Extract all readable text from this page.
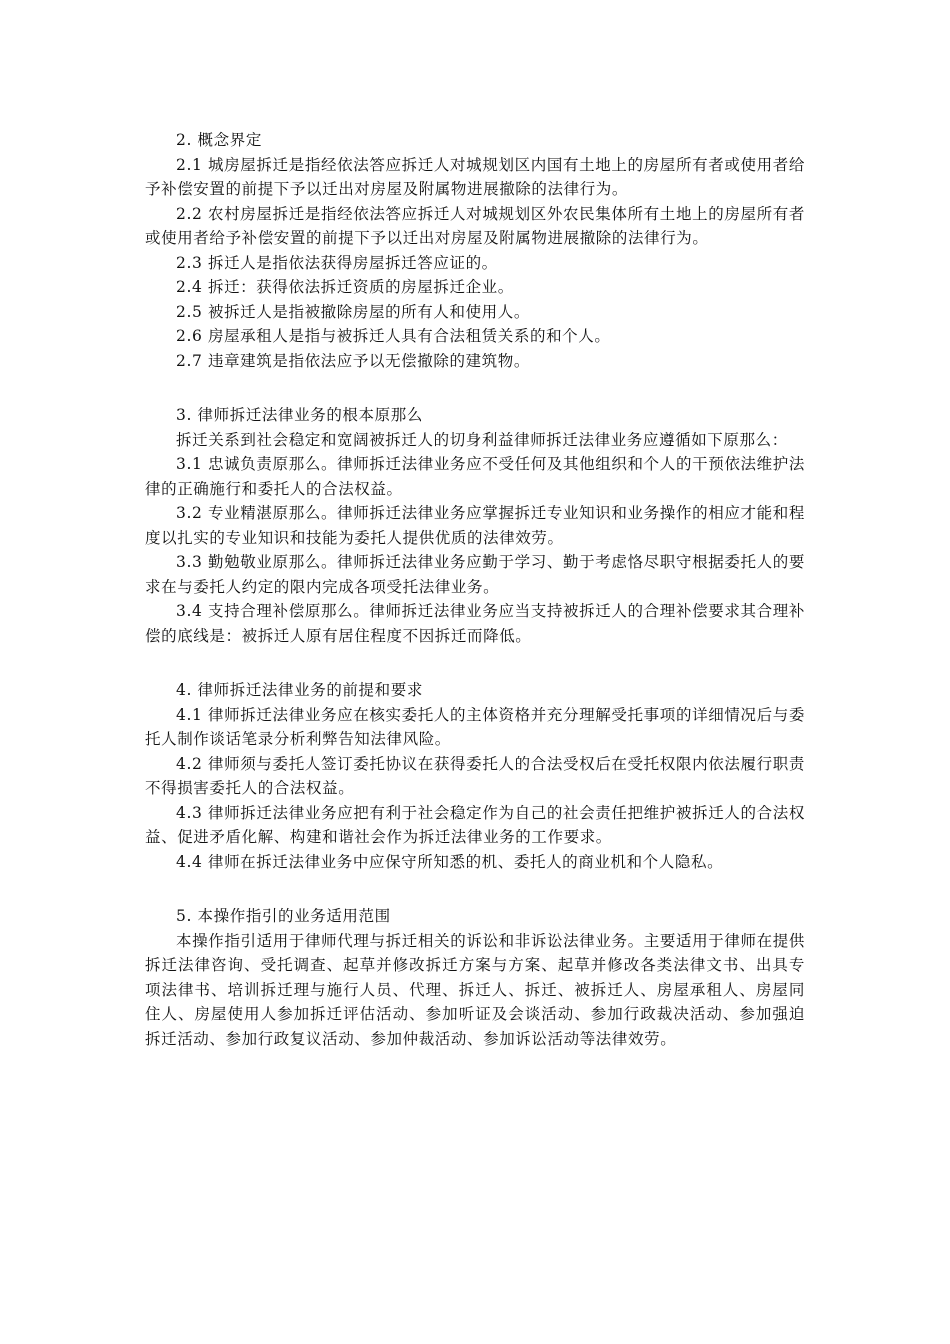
2. 概念界定

2.1 城房屋拆迁是指经依法答应拆迁人对城规划区内国有土地上的房屋所有者或使用者给予补偿安置的前提下予以迁出对房屋及附属物进展撤除的法律行为。

2.2 农村房屋拆迁是指经依法答应拆迁人对城规划区外农民集体所有土地上的房屋所有者或使用者给予补偿安置的前提下予以迁出对房屋及附属物进展撤除的法律行为。

2.3 拆迁人是指依法获得房屋拆迁答应证的。

2.4 拆迁：获得依法拆迁资质的房屋拆迁企业。

2.5 被拆迁人是指被撤除房屋的所有人和使用人。

2.6 房屋承租人是指与被拆迁人具有合法租赁关系的和个人。

2.7 违章建筑是指依法应予以无偿撤除的建筑物。

3. 律师拆迁法律业务的根本原那么

拆迁关系到社会稳定和宽阔被拆迁人的切身利益律师拆迁法律业务应遵循如下原那么：

3.1 忠诚负责原那么。律师拆迁法律业务应不受任何及其他组织和个人的干预依法维护法律的正确施行和委托人的合法权益。

3.2 专业精湛原那么。律师拆迁法律业务应掌握拆迁专业知识和业务操作的相应才能和程度以扎实的专业知识和技能为委托人提供优质的法律效劳。

3.3 勤勉敬业原那么。律师拆迁法律业务应勤于学习、勤于考虑恪尽职守根据委托人的要求在与委托人约定的限内完成各项受托法律业务。

3.4 支持合理补偿原那么。律师拆迁法律业务应当支持被拆迁人的合理补偿要求其合理补偿的底线是：被拆迁人原有居住程度不因拆迁而降低。

4. 律师拆迁法律业务的前提和要求

4.1 律师拆迁法律业务应在核实委托人的主体资格并充分理解受托事项的详细情况后与委托人制作谈话笔录分析利弊告知法律风险。

4.2 律师须与委托人签订委托协议在获得委托人的合法受权后在受托权限内依法履行职责不得损害委托人的合法权益。

4.3 律师拆迁法律业务应把有利于社会稳定作为自己的社会责任把维护被拆迁人的合法权益、促进矛盾化解、构建和谐社会作为拆迁法律业务的工作要求。

4.4 律师在拆迁法律业务中应保守所知悉的机、委托人的商业机和个人隐私。

5. 本操作指引的业务适用范围

本操作指引适用于律师代理与拆迁相关的诉讼和非诉讼法律业务。主要适用于律师在提供拆迁法律咨询、受托调查、起草并修改拆迁方案与方案、起草并修改各类法律文书、出具专项法律书、培训拆迁理与施行人员、代理、拆迁人、拆迁、被拆迁人、房屋承租人、房屋同住人、房屋使用人参加拆迁评估活动、参加听证及会谈活动、参加行政裁决活动、参加强迫拆迁活动、参加行政复议活动、参加仲裁活动、参加诉讼活动等法律效劳。
